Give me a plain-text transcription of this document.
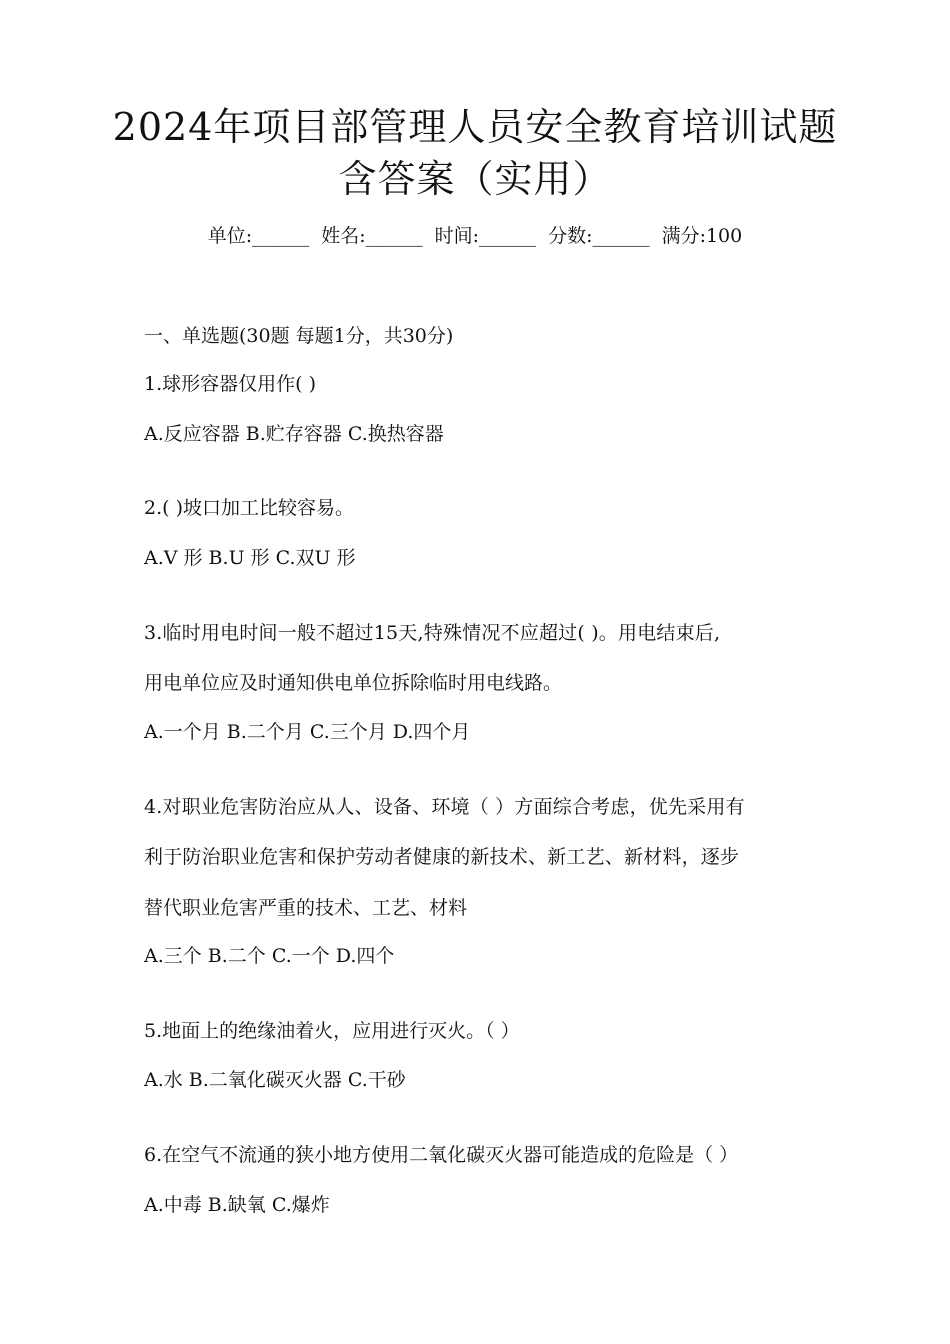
2024年项目部管理人员安全教育培训试题
含答案（实用）
单位:______ 姓名:______ 时间:______ 分数:______ 满分:100
一、单选题(30题 每题1分，共30分)
1.球形容器仅用作( )
A.反应容器 B.贮存容器 C.换热容器
2.( )坡口加工比较容易。
A.V 形 B.U 形 C.双U 形
3.临时用电时间一般不超过15天,特殊情况不应超过( )。用电结束后,
用电单位应及时通知供电单位拆除临时用电线路。
A.一个月 B.二个月 C.三个月 D.四个月
4.对职业危害防治应从人、设备、环境（ ）方面综合考虑，优先采用有
利于防治职业危害和保护劳动者健康的新技术、新工艺、新材料，逐步
替代职业危害严重的技术、工艺、材料
A.三个 B.二个 C.一个 D.四个
5.地面上的绝缘油着火，应用进行灭火。（ ）
A.水 B.二氧化碳灭火器 C.干砂
6.在空气不流通的狭小地方使用二氧化碳灭火器可能造成的危险是（ ）
A.中毒 B.缺氧 C.爆炸
